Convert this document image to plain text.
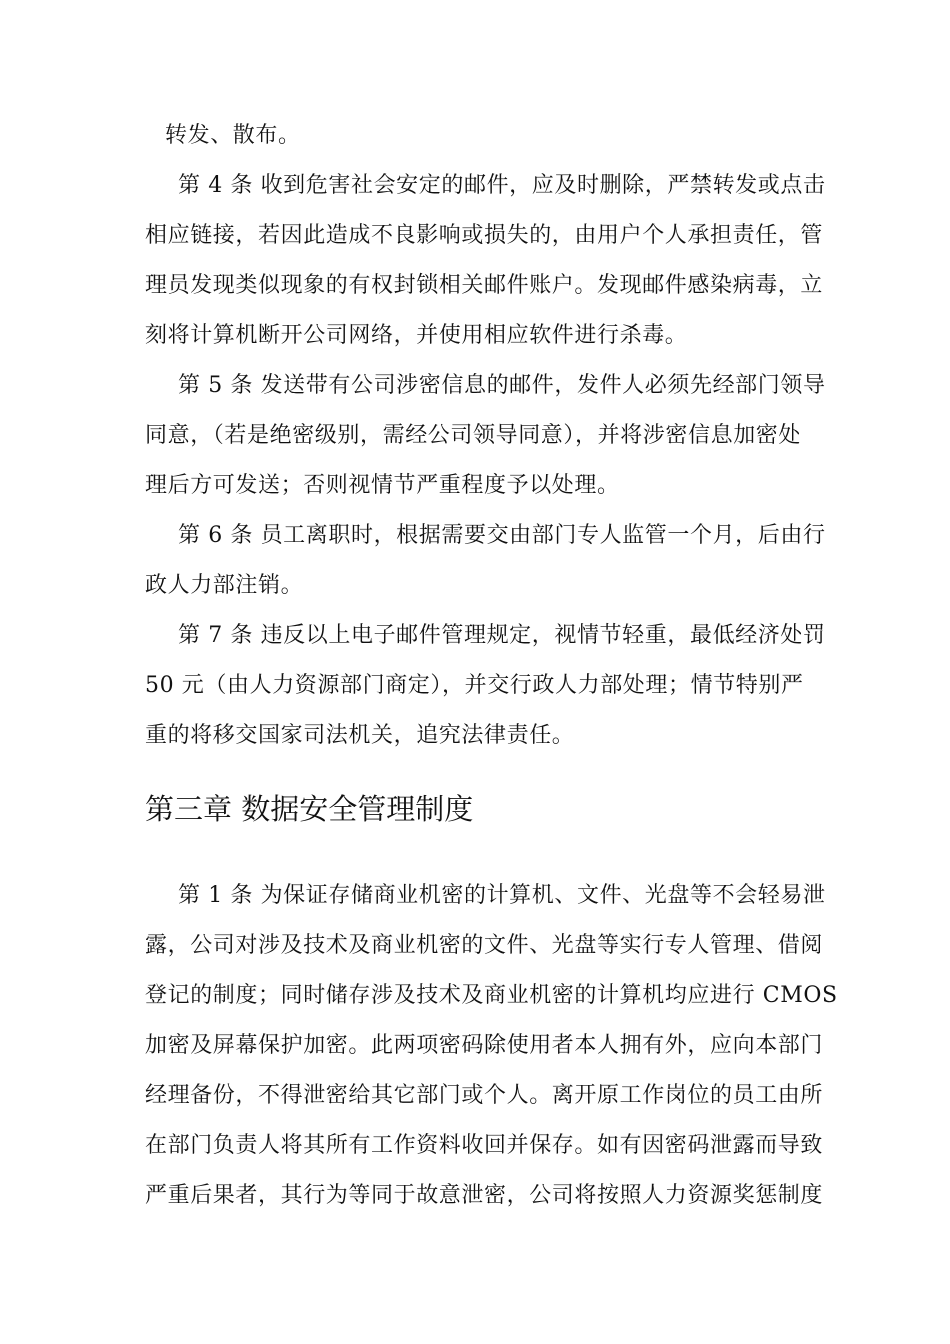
转发、散布。
第 4 条 收到危害社会安定的邮件，应及时删除，严禁转发或点击
相应链接，若因此造成不良影响或损失的，由用户个人承担责任，管
理员发现类似现象的有权封锁相关邮件账户。发现邮件感染病毒，立
刻将计算机断开公司网络，并使用相应软件进行杀毒。
第 5 条 发送带有公司涉密信息的邮件，发件人必须先经部门领导
同意，（若是绝密级别，需经公司领导同意），并将涉密信息加密处
理后方可发送；否则视情节严重程度予以处理。
第 6 条 员工离职时，根据需要交由部门专人监管一个月，后由行
政人力部注销。
第 7 条 违反以上电子邮件管理规定，视情节轻重，最低经济处罚
50 元（由人力资源部门商定），并交行政人力部处理；情节特别严
重的将移交国家司法机关，追究法律责任。
第三章 数据安全管理制度
第 1 条 为保证存储商业机密的计算机、文件、光盘等不会轻易泄
露，公司对涉及技术及商业机密的文件、光盘等实行专人管理、借阅
登记的制度；同时储存涉及技术及商业机密的计算机均应进行 CMOS
加密及屏幕保护加密。此两项密码除使用者本人拥有外，应向本部门
经理备份，不得泄密给其它部门或个人。离开原工作岗位的员工由所
在部门负责人将其所有工作资料收回并保存。如有因密码泄露而导致
严重后果者，其行为等同于故意泄密，公司将按照人力资源奖惩制度
